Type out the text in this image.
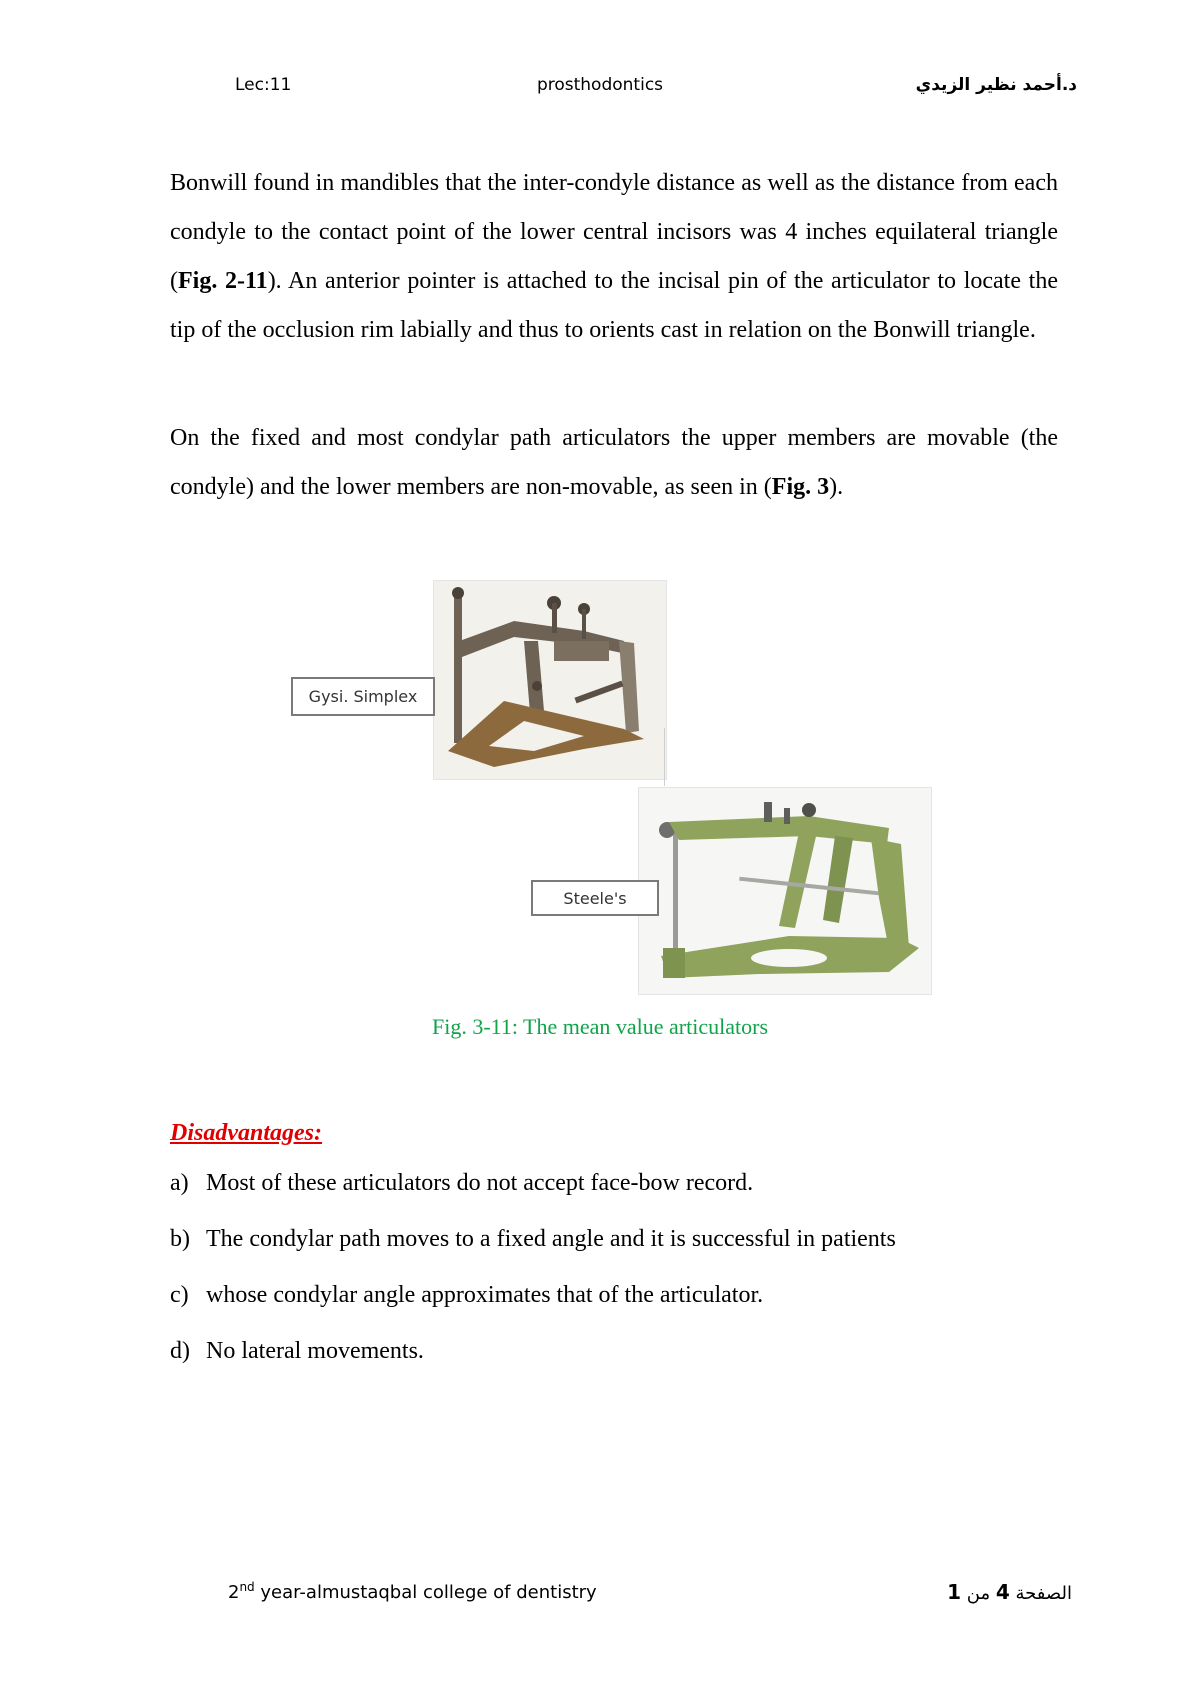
Lec:11	prosthodontics	د.أحمد نظير الزيدي
Bonwill found in mandibles that the inter-condyle distance as well as the distance from each condyle to the contact point of the lower central incisors was 4 inches equilateral triangle (Fig. 2-11). An anterior pointer is attached to the incisal pin of the articulator to locate the tip of the occlusion rim labially and thus to orients cast in relation on the Bonwill triangle.
On the fixed and most condylar path articulators the upper members are movable (the condyle) and the lower members are non-movable, as seen in (Fig. 3).
Gysi. Simplex
Steele's
Fig. 3-11: The mean value articulators
Disadvantages:
a) Most of these articulators do not accept face-bow record.
b) The condylar path moves to a fixed angle and it is successful in patients
c) whose condylar angle approximates that of the articulator.
d) No lateral movements.
2nd year-almustaqbal college of dentistry	الصفحة 4 من 1
